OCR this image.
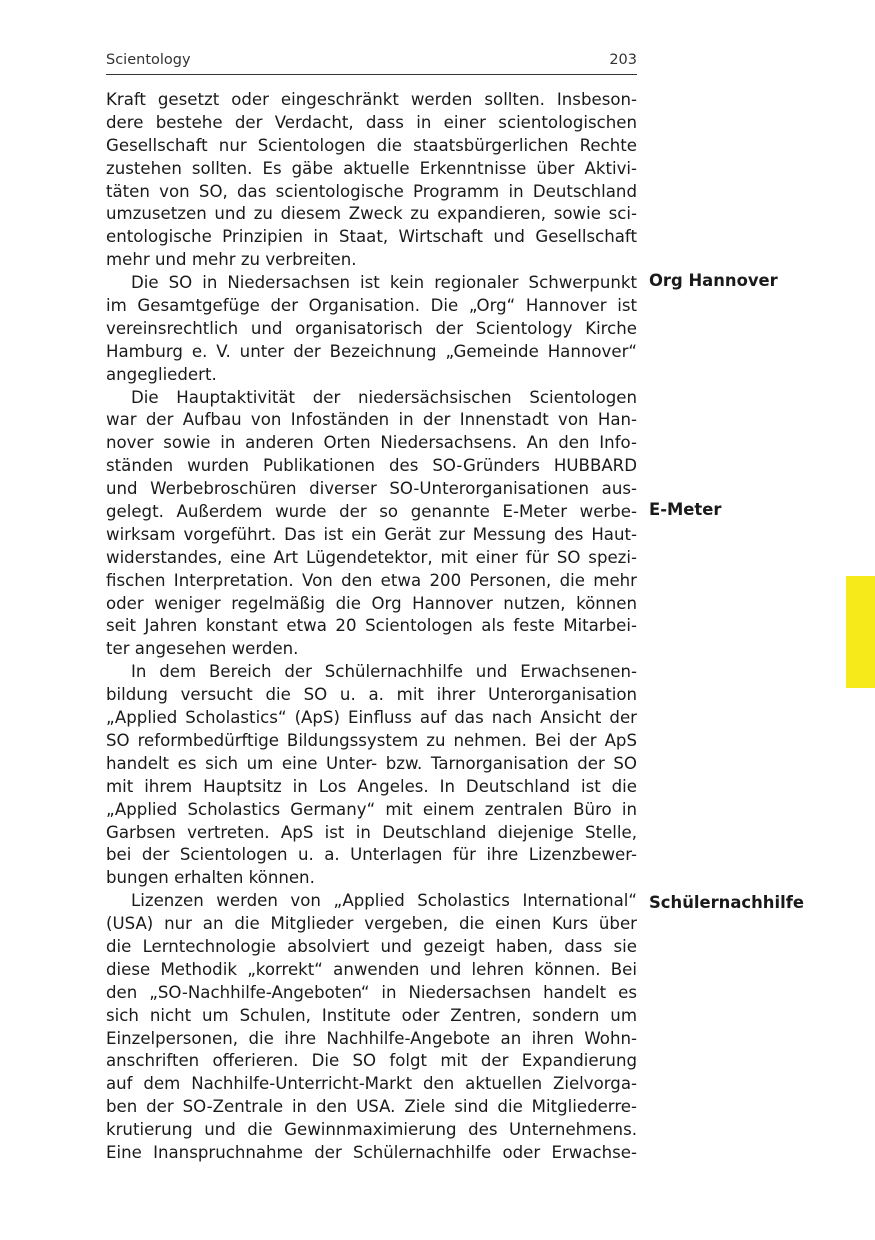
Scientology	203
Kraft gesetzt oder eingeschränkt werden sollten. Insbeson-
dere bestehe der Verdacht, dass in einer scientologischen
Gesellschaft nur Scientologen die staatsbürgerlichen Rechte
zustehen sollten. Es gäbe aktuelle Erkenntnisse über Aktivi-
täten von SO, das scientologische Programm in Deutschland
umzusetzen und zu diesem Zweck zu expandieren, sowie sci-
entologische Prinzipien in Staat, Wirtschaft und Gesellschaft
mehr und mehr zu verbreiten.
Die SO in Niedersachsen ist kein regionaler Schwerpunkt
im Gesamtgefüge der Organisation. Die „Org“ Hannover ist
vereinsrechtlich und organisatorisch der Scientology Kirche
Hamburg e. V. unter der Bezeichnung „Gemeinde Hannover“
angegliedert.
Die Hauptaktivität der niedersächsischen Scientologen
war der Aufbau von Infoständen in der Innenstadt von Han-
nover sowie in anderen Orten Niedersachsens. An den Info-
ständen wurden Publikationen des SO-Gründers HUBBARD
und Werbebroschüren diverser SO-Unterorganisationen aus-
gelegt. Außerdem wurde der so genannte E-Meter werbe-
wirksam vorgeführt. Das ist ein Gerät zur Messung des Haut-
widerstandes, eine Art Lügendetektor, mit einer für SO spezi-
fischen Interpretation. Von den etwa 200 Personen, die mehr
oder weniger regelmäßig die Org Hannover nutzen, können
seit Jahren konstant etwa 20 Scientologen als feste Mitarbei-
ter angesehen werden.
In dem Bereich der Schülernachhilfe und Erwachsenen-
bildung versucht die SO u. a. mit ihrer Unterorganisation
„Applied Scholastics“ (ApS) Einfluss auf das nach Ansicht der
SO reformbedürftige Bildungssystem zu nehmen. Bei der ApS
handelt es sich um eine Unter- bzw. Tarnorganisation der SO
mit ihrem Hauptsitz in Los Angeles. In Deutschland ist die
„Applied Scholastics Germany“ mit einem zentralen Büro in
Garbsen vertreten. ApS ist in Deutschland diejenige Stelle,
bei der Scientologen u. a. Unterlagen für ihre Lizenzbewer-
bungen erhalten können.
Lizenzen werden von „Applied Scholastics International“
(USA) nur an die Mitglieder vergeben, die einen Kurs über
die Lerntechnologie absolviert und gezeigt haben, dass sie
diese Methodik „korrekt“ anwenden und lehren können. Bei
den „SO-Nachhilfe-Angeboten“ in Niedersachsen handelt es
sich nicht um Schulen, Institute oder Zentren, sondern um
Einzelpersonen, die ihre Nachhilfe-Angebote an ihren Wohn-
anschriften offerieren. Die SO folgt mit der Expandierung
auf dem Nachhilfe-Unterricht-Markt den aktuellen Zielvorga-
ben der SO-Zentrale in den USA. Ziele sind die Mitgliederre-
krutierung und die Gewinnmaximierung des Unternehmens.
Eine Inanspruchnahme der Schülernachhilfe oder Erwachse-
Org Hannover
E-Meter
Schülernachhilfe
